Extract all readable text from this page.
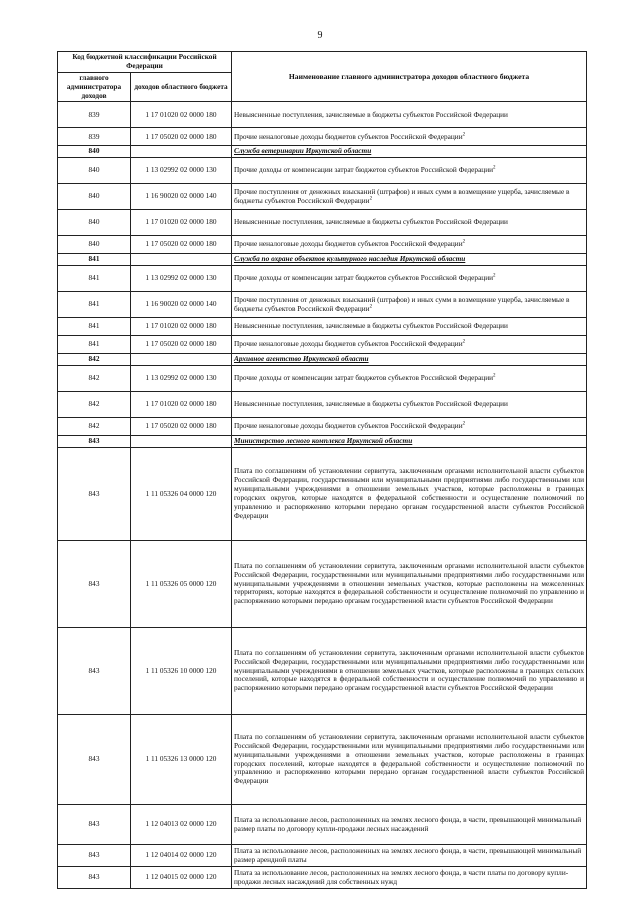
9
Код бюджетной классификации Российской Федерации		Наименование главного администратора доходов областного бюджета
главного администратора доходов	доходов областного бюджета	
839	1 17 01020 02 0000 180	Невыясненные поступления, зачисляемые в бюджеты субъектов Российской Федерации
839	1 17 05020 02 0000 180	Прочие неналоговые доходы бюджетов субъектов Российской Федерации$^2$
840		Служба ветеринарии Иркутской области
840	1 13 02992 02 0000 130	Прочие доходы от компенсации затрат бюджетов субъектов Российской Федерации$^2$
840	1 16 90020 02 0000 140	Прочие поступления от денежных взысканий (штрафов) и иных сумм в возмещение ущерба, зачисляемые в бюджеты субъектов Российской Федерации$^2$
840	1 17 01020 02 0000 180	Невыясненные поступления, зачисляемые в бюджеты субъектов Российской Федерации
840	1 17 05020 02 0000 180	Прочие неналоговые доходы бюджетов субъектов Российской Федерации$^2$
841		Служба по охране объектов культурного наследия Иркутской области
841	1 13 02992 02 0000 130	Прочие доходы от компенсации затрат бюджетов субъектов Российской Федерации$^2$
841	1 16 90020 02 0000 140	Прочие поступления от денежных взысканий (штрафов) и иных сумм в возмещение ущерба, зачисляемые в бюджеты субъектов Российской Федерации$^2$
841	1 17 01020 02 0000 180	Невыясненные поступления, зачисляемые в бюджеты субъектов Российской Федерации
841	1 17 05020 02 0000 180	Прочие неналоговые доходы бюджетов субъектов Российской Федерации$^2$
842		Архивное агентство Иркутской области
842	1 13 02992 02 0000 130	Прочие доходы от компенсации затрат бюджетов субъектов Российской Федерации$^2$
842	1 17 01020 02 0000 180	Невыясненные поступления, зачисляемые в бюджеты субъектов Российской Федерации
842	1 17 05020 02 0000 180	Прочие неналоговые доходы бюджетов субъектов Российской Федерации$^2$
843		Министерство лесного комплекса Иркутской области
843	1 11 05326 04 0000 120	Плата по соглашениям об установлении сервитута, заключенным органами исполнительной власти субъектов Российской Федерации, государственными или муниципальными предприятиями либо государственными или муниципальными учреждениями в отношении земельных участков, которые расположены в границах городских округов, которые находятся в федеральной собственности и осуществление полномочий по управлению и распоряжению которыми передано органам государственной власти субъектов Российской Федерации
843	1 11 05326 05 0000 120	Плата по соглашениям об установлении сервитута, заключенным органами исполнительной власти субъектов Российской Федерации, государственными или муниципальными предприятиями либо государственными или муниципальными учреждениями в отношении земельных участков, которые расположены на межселенных территориях, которые находятся в федеральной собственности и осуществление полномочий по управлению и распоряжению которыми передано органам государственной власти субъектов Российской Федерации
843	1 11 05326 10 0000 120	Плата по соглашениям об установлении сервитута, заключенным органами исполнительной власти субъектов Российской Федерации, государственными или муниципальными предприятиями либо государственными или муниципальными учреждениями в отношении земельных участков, которые расположены в границах сельских поселений, которые находятся в федеральной собственности и осуществление полномочий по управлению и распоряжению которыми передано органам государственной власти субъектов Российской Федерации
843	1 11 05326 13 0000 120	Плата по соглашениям об установлении сервитута, заключенным органами исполнительной власти субъектов Российской Федерации, государственными или муниципальными предприятиями либо государственными или муниципальными учреждениями в отношении земельных участков, которые расположены в границах городских поселений, которые находятся в федеральной собственности и осуществление полномочий по управлению и распоряжению которыми передано органам государственной власти субъектов Российской Федерации
843	1 12 04013 02 0000 120	Плата за использование лесов, расположенных на землях лесного фонда, в части, превышающей минимальный размер платы по договору купли-продажи лесных насаждений
843	1 12 04014 02 0000 120	Плата за использование лесов, расположенных на землях лесного фонда, в части, превышающей минимальный размер арендной платы
843	1 12 04015 02 0000 120	Плата за использование лесов, расположенных на землях лесного фонда, в части платы по договору купли-продажи лесных насаждений для собственных нужд
